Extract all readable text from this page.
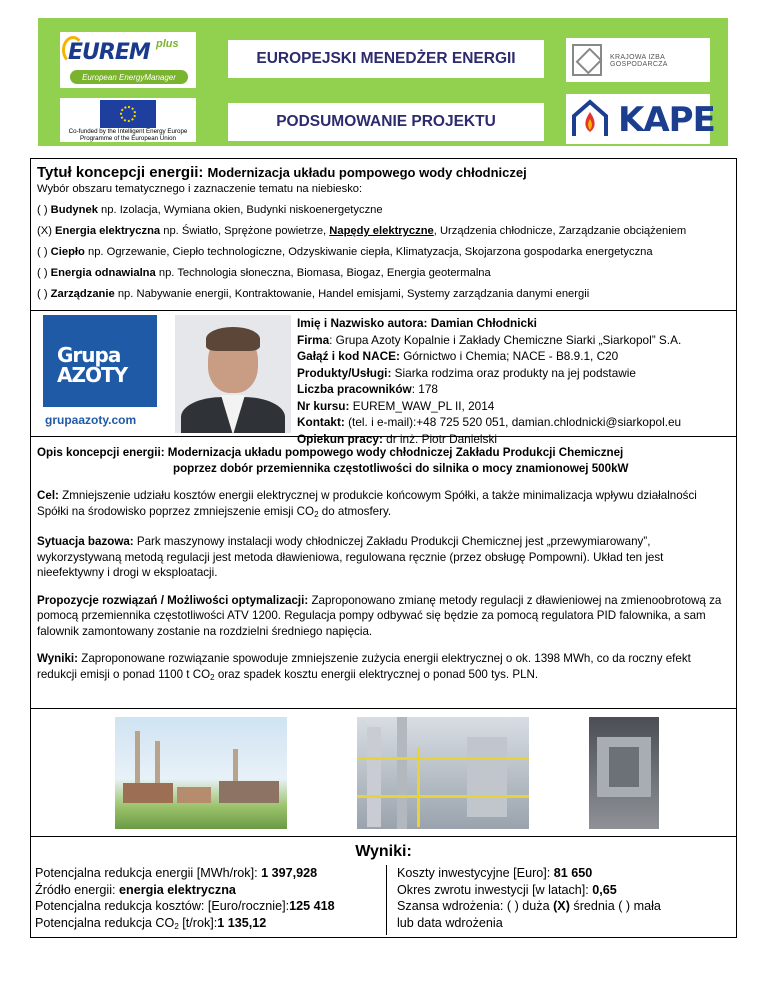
EUREM plus
European EnergyManager
Co-funded by the Intelligent Energy Europe Programme of the European Union
EUROPEJSKI MENEDŻER ENERGII
PODSUMOWANIE PROJEKTU
KRAJOWA IZBA GOSPODARCZA
KAPE
Tytuł koncepcji energii: Modernizacja układu pompowego wody chłodniczej
Wybór obszaru tematycznego i zaznaczenie tematu na niebiesko:
( ) Budynek np. Izolacja, Wymiana okien, Budynki niskoenergetyczne
(X) Energia elektryczna np. Światło, Sprężone powietrze, Napędy elektryczne, Urządzenia chłodnicze, Zarządzanie obciążeniem
( ) Ciepło np. Ogrzewanie, Ciepło technologiczne, Odzyskiwanie ciepła, Klimatyzacja, Skojarzona gospodarka energetyczna
( ) Energia odnawialna np. Technologia słoneczna, Biomasa, Biogaz, Energia geotermalna
( ) Zarządzanie np. Nabywanie energii, Kontraktowanie, Handel emisjami, Systemy zarządzania danymi energii
Grupa
AZOTY
grupaazoty.com
Imię i Nazwisko autora: Damian Chłodnicki
Firma: Grupa Azoty Kopalnie i Zakłady Chemiczne Siarki „Siarkopol” S.A.
Gałąź i kod NACE: Górnictwo i Chemia; NACE - B8.9.1, C20
Produkty/Usługi: Siarka rodzima oraz produkty na jej podstawie
Liczba pracowników: 178
Nr kursu: EUREM_WAW_PL II, 2014
Kontakt: (tel. i e-mail):+48 725 520 051, damian.chlodnicki@siarkopol.eu
Opiekun pracy: dr inż. Piotr Danielski
Opis koncepcji energii: Modernizacja układu pompowego wody chłodniczej Zakładu Produkcji Chemicznej
poprzez dobór przemiennika częstotliwości do silnika o mocy znamionowej 500kW
Cel: Zmniejszenie udziału kosztów energii elektrycznej w produkcie końcowym Spółki, a także minimalizacja wpływu działalności Spółki na środowisko poprzez zmniejszenie emisji $CO_2$ do atmosfery.
Sytuacja bazowa: Park maszynowy instalacji wody chłodniczej Zakładu Produkcji Chemicznej jest „przewymiarowany”, wykorzystywaną metodą regulacji jest metoda dławieniowa, regulowana ręcznie (przez obsługę Pompowni). Układ ten jest nieefektywny i drogi w eksploatacji.
Propozycje rozwiązań / Możliwości optymalizacji: Zaproponowano zmianę metody regulacji z dławieniowej na zmienoobrotową za pomocą przemiennika częstotliwości ATV 1200. Regulacja pompy odbywać się będzie za pomocą regulatora PID falownika, a sam falownik zamontowany zostanie na rozdzielni średniego napięcia.
Wyniki: Zaproponowane rozwiązanie spowoduje zmniejszenie zużycia energii elektrycznej o ok. 1398 MWh, co da roczny efekt redukcji emisji o ponad 1100 t $CO_2$ oraz spadek kosztu energii elektrycznej o ponad 500 tys. PLN.
Wyniki:
Potencjalna redukcja energii [MWh/rok]: 1 397,928
Źródło energii: energia elektryczna
Potencjalna redukcja kosztów: [Euro/rocznie]:125 418
Potencjalna redukcja $CO_2$ [t/rok]:1 135,12
Koszty inwestycyjne [Euro]: 81 650
Okres zwrotu inwestycji [w latach]: 0,65
Szansa wdrożenia: ( ) duża (X) średnia ( ) mała
lub data wdrożenia
